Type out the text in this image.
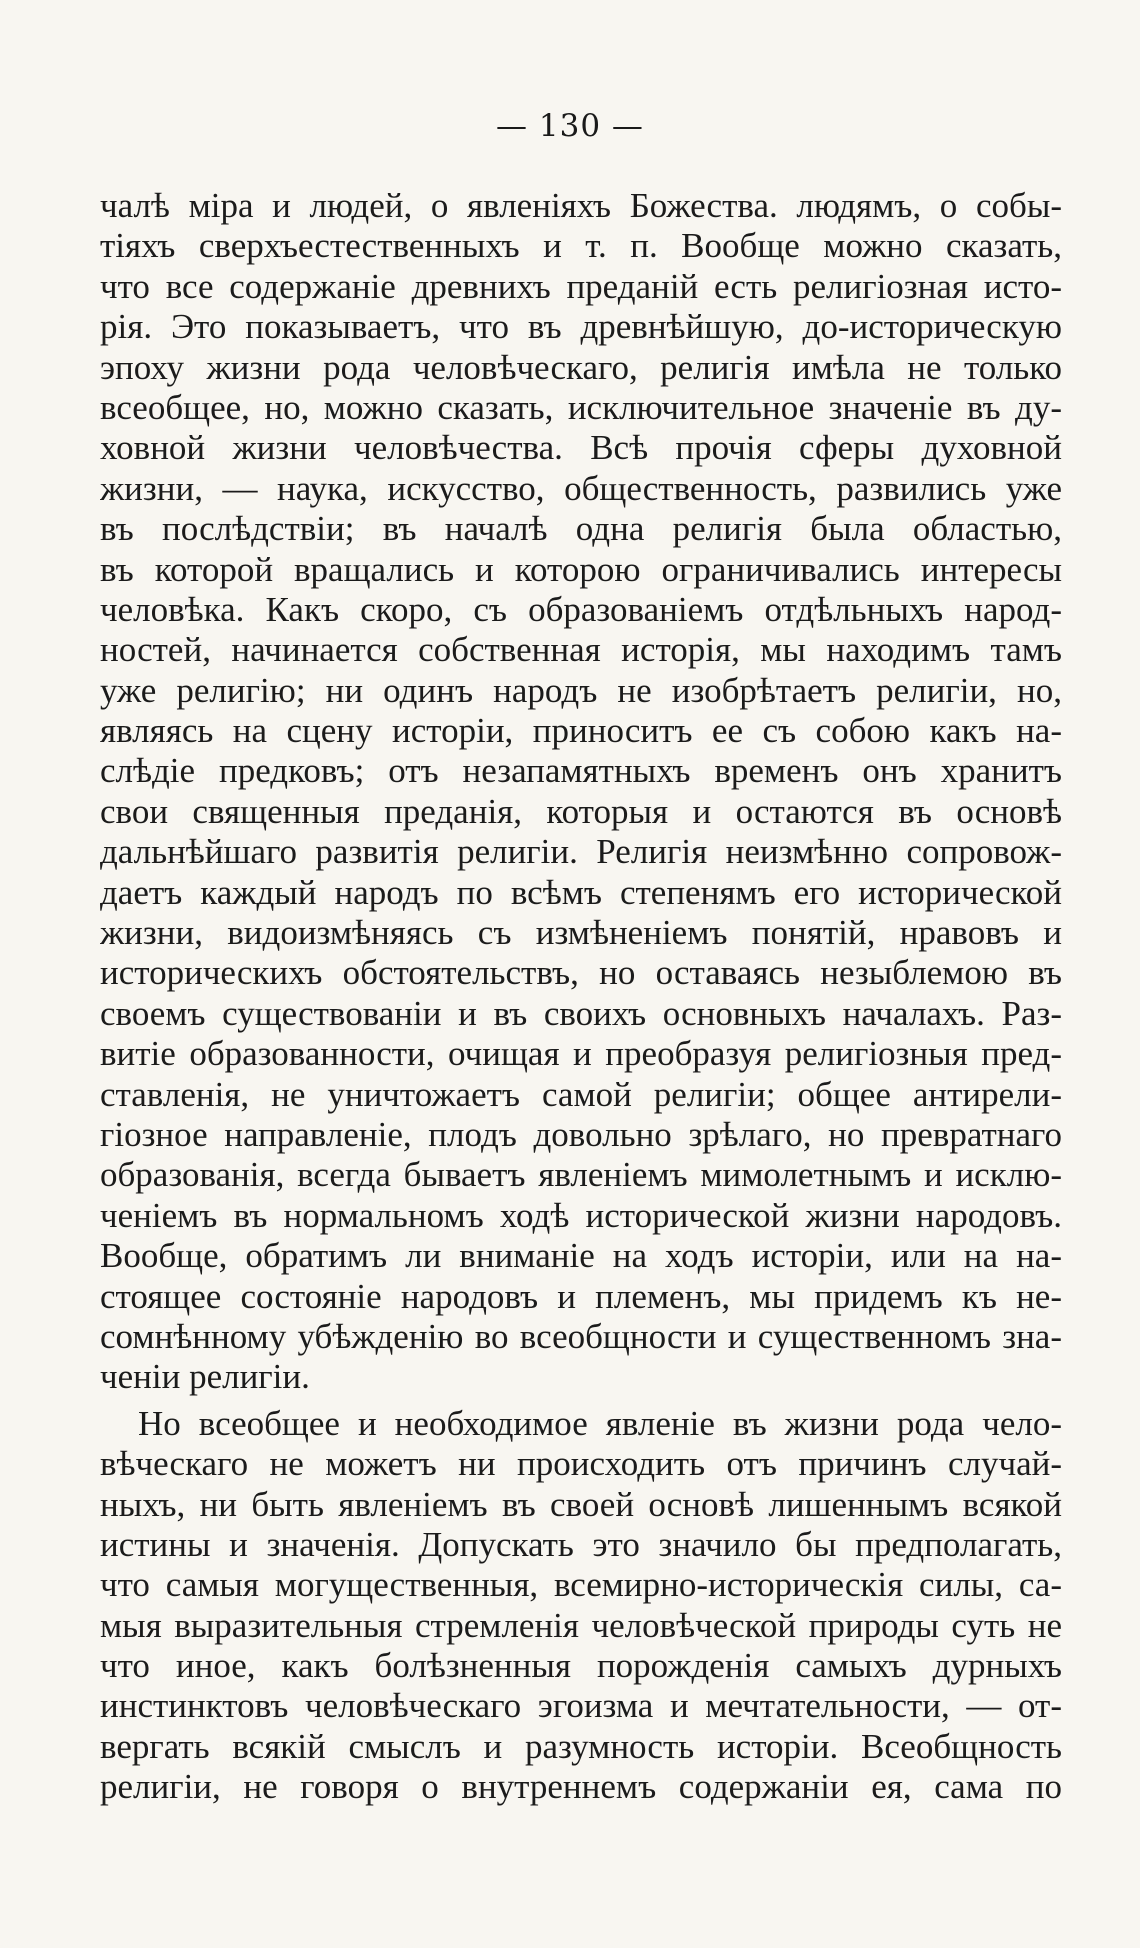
— 130 —
чалѣ міра и людей, о явленіяхъ Божества. людямъ, о собы-
тіяхъ сверхъестественныхъ и т. п. Вообще можно сказать,
что все содержаніе древнихъ преданій есть религіозная исто-
рія. Это показываетъ, что въ древнѣйшую, до-историческую
эпоху жизни рода человѣческаго, религія имѣла не только
всеобщее, но, можно сказать, исключительное значеніе въ ду-
ховной жизни человѣчества. Всѣ прочія сферы духовной
жизни, — наука, искусство, общественность, развились уже
въ послѣдствіи; въ началѣ одна религія была областью,
въ которой вращались и которою ограничивались интересы
человѣка. Какъ скоро, съ образованіемъ отдѣльныхъ народ-
ностей, начинается собственная исторія, мы находимъ тамъ
уже религію; ни одинъ народъ не изобрѣтаетъ религіи, но,
являясь на сцену исторіи, приноситъ ее съ собою какъ на-
слѣдіе предковъ; отъ незапамятныхъ временъ онъ хранитъ
свои священныя преданія, которыя и остаются въ основѣ
дальнѣйшаго развитія религіи. Религія неизмѣнно сопровож-
даетъ каждый народъ по всѣмъ степенямъ его исторической
жизни, видоизмѣняясь съ измѣненіемъ понятій, нравовъ и
историческихъ обстоятельствъ, но оставаясь незыблемою въ
своемъ существованіи и въ своихъ основныхъ началахъ. Раз-
витіе образованности, очищая и преобразуя религіозныя пред-
ставленія, не уничтожаетъ самой религіи; общее антирели-
гіозное направленіе, плодъ довольно зрѣлаго, но превратнаго
образованія, всегда бываетъ явленіемъ мимолетнымъ и исклю-
ченіемъ въ нормальномъ ходѣ исторической жизни народовъ.
Вообще, обратимъ ли вниманіе на ходъ исторіи, или на на-
стоящее состояніе народовъ и племенъ, мы придемъ къ не-
сомнѣнному убѣжденію во всеобщности и существенномъ зна-
ченіи религіи.
Но всеобщее и необходимое явленіе въ жизни рода чело-
вѣческаго не можетъ ни происходить отъ причинъ случай-
ныхъ, ни быть явленіемъ въ своей основѣ лишеннымъ всякой
истины и значенія. Допускать это значило бы предполагать,
что самыя могущественныя, всемирно-историческія силы, са-
мыя выразительныя стремленія человѣческой природы суть не
что иное, какъ болѣзненныя порожденія самыхъ дурныхъ
инстинктовъ человѣческаго эгоизма и мечтательности, — от-
вергать всякій смыслъ и разумность исторіи. Всеобщность
религіи, не говоря о внутреннемъ содержаніи ея, сама по
